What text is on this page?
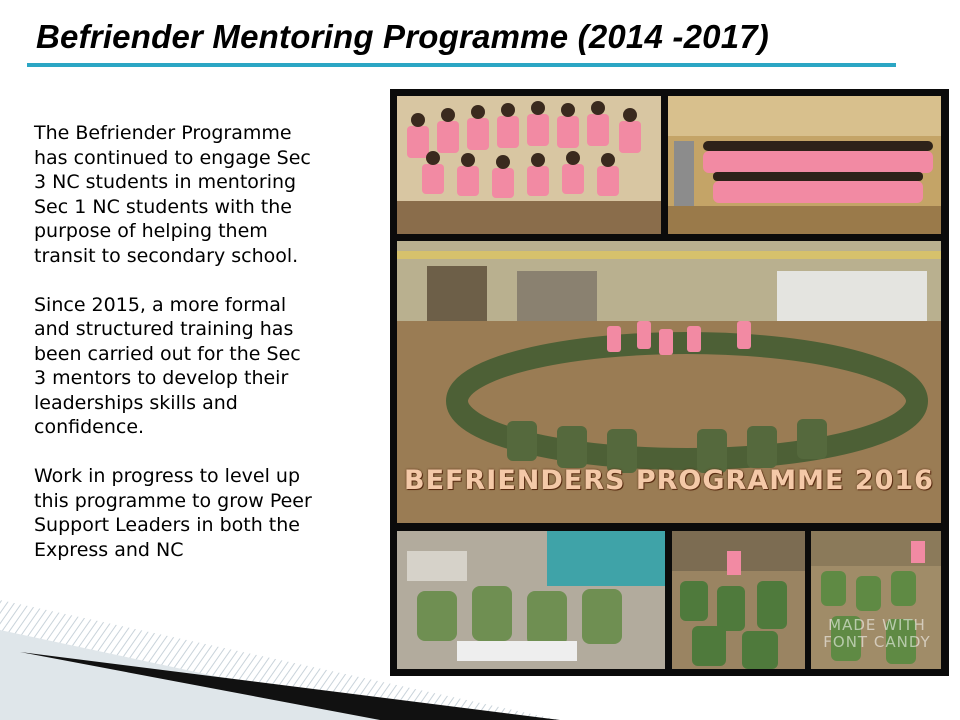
Befriender Mentoring Programme (2014 -2017)

The Befriender Programme
has continued to engage Sec
3 NC students in mentoring
Sec 1 NC students with the
purpose of helping them
transit to secondary school.

Since 2015, a more formal
and structured training has
been carried out for the Sec
3 mentors to develop their
leaderships skills and
confidence.

Work in progress to level up
this programme to grow Peer
Support Leaders in both the
Express and NC

BEFRIENDERS PROGRAMME 2016
MADE WITH
FONT CANDY
